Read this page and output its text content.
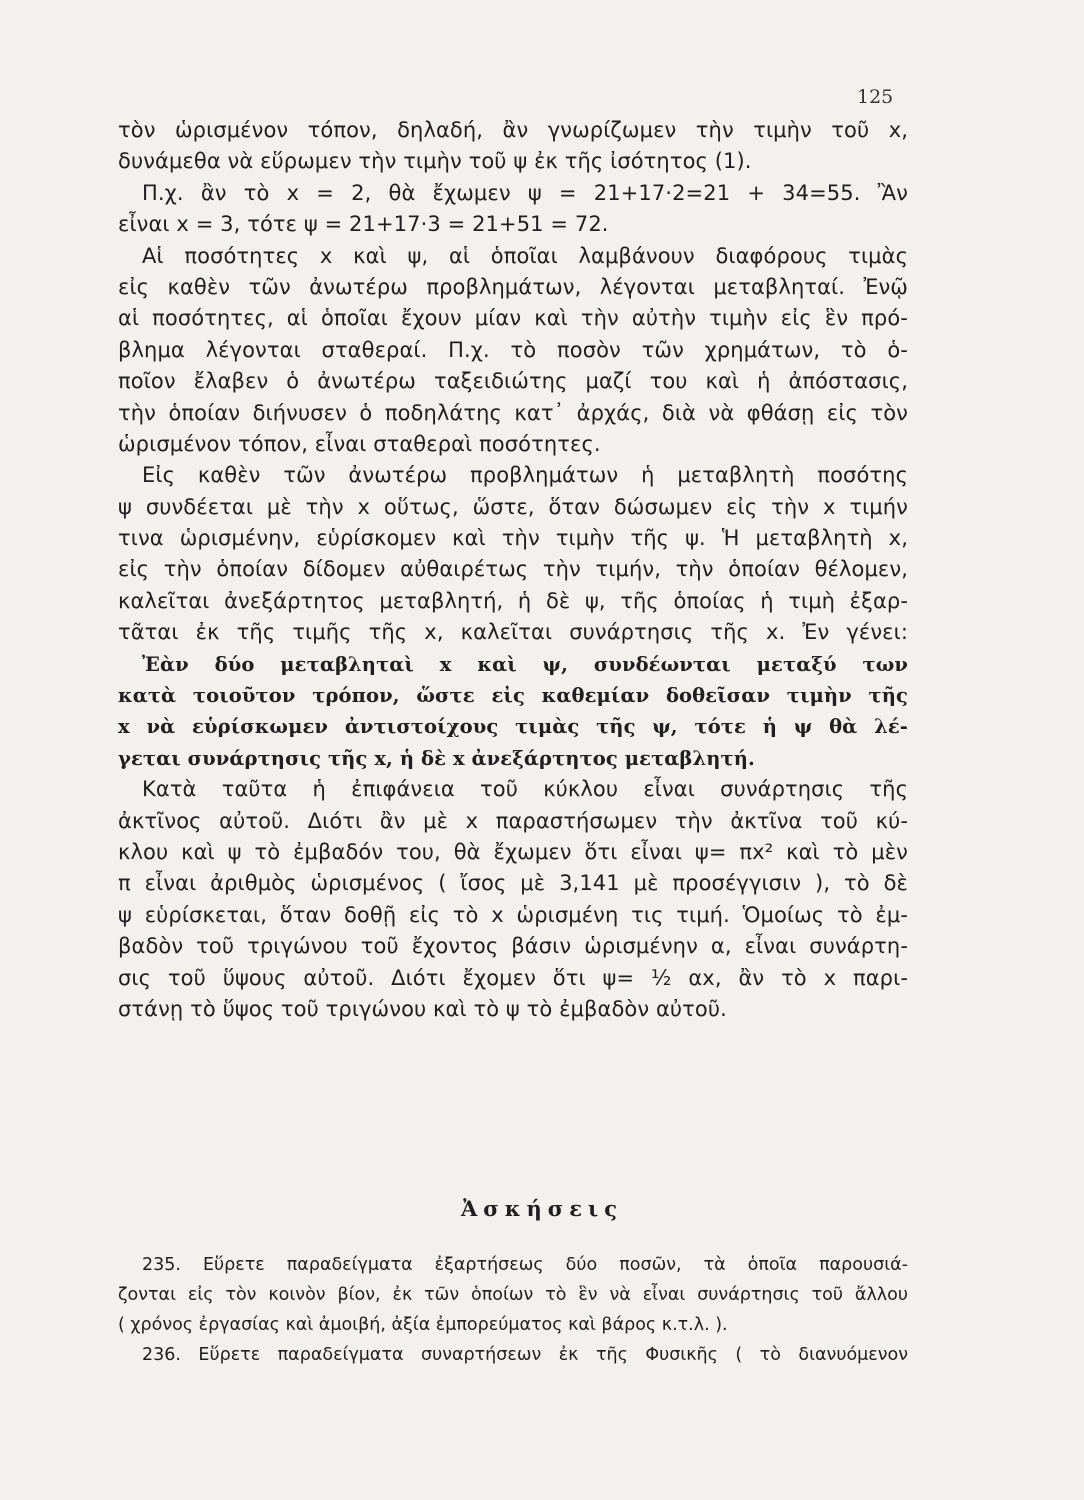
125
τὸν ὡρισμένον τόπον, δηλαδή, ἂν γνωρίζωμεν τὴν τιμὴν τοῦ x,
δυνάμεθα νὰ εὕρωμεν τὴν τιμὴν τοῦ ψ ἐκ τῆς ἰσότητος (1).
Π.χ. ἂν τὸ x = 2, θὰ ἔχωμεν ψ = 21+17·2=21 + 34=55. Ἂν
εἶναι x = 3, τότε ψ = 21+17·3 = 21+51 = 72.
Αἱ ποσότητες x καὶ ψ, αἱ ὁποῖαι λαμβάνουν διαφόρους τιμὰς
εἰς καθὲν τῶν ἀνωτέρω προβλημάτων, λέγονται μεταβληταί. Ἐνῷ
αἱ ποσότητες, αἱ ὁποῖαι ἔχουν μίαν καὶ τὴν αὐτὴν τιμὴν εἰς ἓν πρό-
βλημα λέγονται σταθεραί. Π.χ. τὸ ποσὸν τῶν χρημάτων, τὸ ὁ-
ποῖον ἔλαβεν ὁ ἀνωτέρω ταξειδιώτης μαζί του καὶ ἡ ἀπόστασις,
τὴν ὁποίαν διήνυσεν ὁ ποδηλάτης κατ᾽ ἀρχάς, διὰ νὰ φθάσῃ εἰς τὸν
ὡρισμένον τόπον, εἶναι σταθεραὶ ποσότητες.
Εἰς καθὲν τῶν ἀνωτέρω προβλημάτων ἡ μεταβλητὴ ποσότης
ψ συνδέεται μὲ τὴν x οὕτως, ὥστε, ὅταν δώσωμεν εἰς τὴν x τιμήν
τινα ὡρισμένην, εὑρίσκομεν καὶ τὴν τιμὴν τῆς ψ. Ἡ μεταβλητὴ x,
εἰς τὴν ὁποίαν δίδομεν αὐθαιρέτως τὴν τιμήν, τὴν ὁποίαν θέλομεν,
καλεῖται ἀνεξάρτητος μεταβλητή, ἡ δὲ ψ, τῆς ὁποίας ἡ τιμὴ ἐξαρ-
τᾶται ἐκ τῆς τιμῆς τῆς x, καλεῖται συνάρτησις τῆς x. Ἐν γένει:
Ἐὰν δύο μεταβληταὶ x καὶ ψ, συνδέωνται μεταξύ των
κατὰ τοιοῦτον τρόπον, ὥστε εἰς καθεμίαν δοθεῖσαν τιμὴν τῆς
x νὰ εὑρίσκωμεν ἀντιστοίχους τιμὰς τῆς ψ, τότε ἡ ψ θὰ λέ-
γεται συνάρτησις τῆς x, ἡ δὲ x ἀνεξάρτητος μεταβλητή.
Κατὰ ταῦτα ἡ ἐπιφάνεια τοῦ κύκλου εἶναι συνάρτησις τῆς
ἀκτῖνος αὐτοῦ. Διότι ἂν μὲ x παραστήσωμεν τὴν ἀκτῖνα τοῦ κύ-
κλου καὶ ψ τὸ ἐμβαδόν του, θὰ ἔχωμεν ὅτι εἶναι ψ= πx² καὶ τὸ μὲν
π εἶναι ἀριθμὸς ὡρισμένος ( ἴσος μὲ 3,141 μὲ προσέγγισιν ), τὸ δὲ
ψ εὑρίσκεται, ὅταν δοθῇ εἰς τὸ x ὡρισμένη τις τιμή. Ὁμοίως τὸ ἐμ-
βαδὸν τοῦ τριγώνου τοῦ ἔχοντος βάσιν ὡρισμένην α, εἶναι συνάρτη-
σις τοῦ ὕψους αὐτοῦ. Διότι ἔχομεν ὅτι ψ= ½ αx, ἂν τὸ x παρι-
στάνῃ τὸ ὕψος τοῦ τριγώνου καὶ τὸ ψ τὸ ἐμβαδὸν αὐτοῦ.
Ἀσκήσεις
235. Εὕρετε παραδείγματα ἐξαρτήσεως δύο ποσῶν, τὰ ὁποῖα παρουσιά-
ζονται εἰς τὸν κοινὸν βίον, ἐκ τῶν ὁποίων τὸ ἓν νὰ εἶναι συνάρτησις τοῦ ἄλλου
( χρόνος ἐργασίας καὶ ἀμοιβή, ἀξία ἐμπορεύματος καὶ βάρος κ.τ.λ. ).
236. Εὕρετε παραδείγματα συναρτήσεων ἐκ τῆς Φυσικῆς ( τὸ διανυόμενον
